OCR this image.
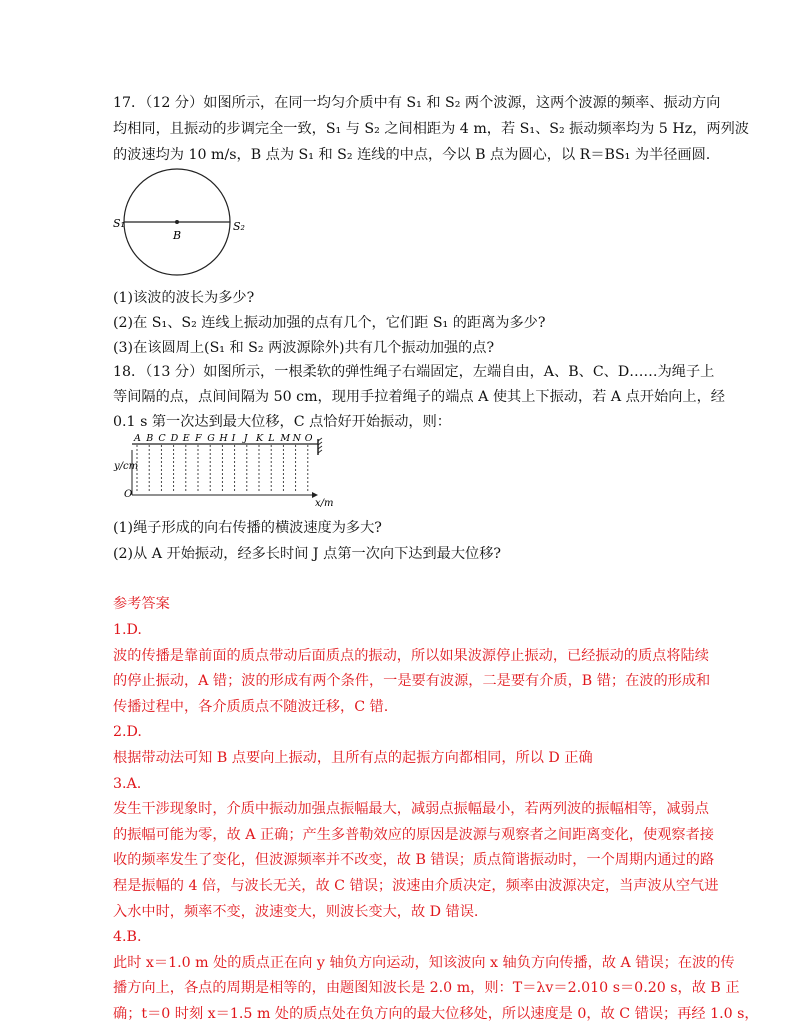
17．（12 分）如图所示，在同一均匀介质中有 S₁ 和 S₂ 两个波源，这两个波源的频率、振动方向
均相同，且振动的步调完全一致，S₁ 与 S₂ 之间相距为 4 m，若 S₁、S₂ 振动频率均为 5 Hz，两列波
的波速均为 10 m/s，B 点为 S₁ 和 S₂ 连线的中点，今以 B 点为圆心，以 R＝BS₁ 为半径画圆.
S₁	S₂
B
(1)该波的波长为多少?
(2)在 S₁、S₂ 连线上振动加强的点有几个，它们距 S₁ 的距离为多少?
(3)在该圆周上(S₁ 和 S₂ 两波源除外)共有几个振动加强的点?
18．（13 分）如图所示，一根柔软的弹性绳子右端固定，左端自由，A、B、C、D……为绳子上
等间隔的点，点间间隔为 50 cm，现用手拉着绳子的端点 A 使其上下振动，若 A 点开始向上，经
0.1 s 第一次达到最大位移，C 点恰好开始振动，则：
y/cm
O
x/m
A B C D E F G H I J K L M N O
(1)绳子形成的向右传播的横波速度为多大?
(2)从 A 开始振动，经多长时间 J 点第一次向下达到最大位移?
参考答案
1.D.
波的传播是靠前面的质点带动后面质点的振动，所以如果波源停止振动，已经振动的质点将陆续
的停止振动，A 错；波的形成有两个条件，一是要有波源，二是要有介质，B 错；在波的形成和
传播过程中，各介质质点不随波迁移，C 错.
2.D.
根据带动法可知 B 点要向上振动，且所有点的起振方向都相同，所以 D 正确
3.A.
发生干涉现象时，介质中振动加强点振幅最大，减弱点振幅最小，若两列波的振幅相等，减弱点
的振幅可能为零，故 A 正确；产生多普勒效应的原因是波源与观察者之间距离变化，使观察者接
收的频率发生了变化，但波源频率并不改变，故 B 错误；质点简谐振动时，一个周期内通过的路
程是振幅的 4 倍，与波长无关，故 C 错误；波速由介质决定，频率由波源决定，当声波从空气进
入水中时，频率不变，波速变大，则波长变大，故 D 错误.
4.B.
此时 x＝1.0 m 处的质点正在向 y 轴负方向运动，知该波向 x 轴负方向传播，故 A 错误；在波的传
播方向上，各点的周期是相等的，由题图知波长是 2.0 m，则：T＝λv＝2.010 s＝0.20 s，故 B 正
确；t＝0 时刻 x＝1.5 m 处的质点处在负方向的最大位移处，所以速度是 0，故 C 错误；再经 1.0 s，
